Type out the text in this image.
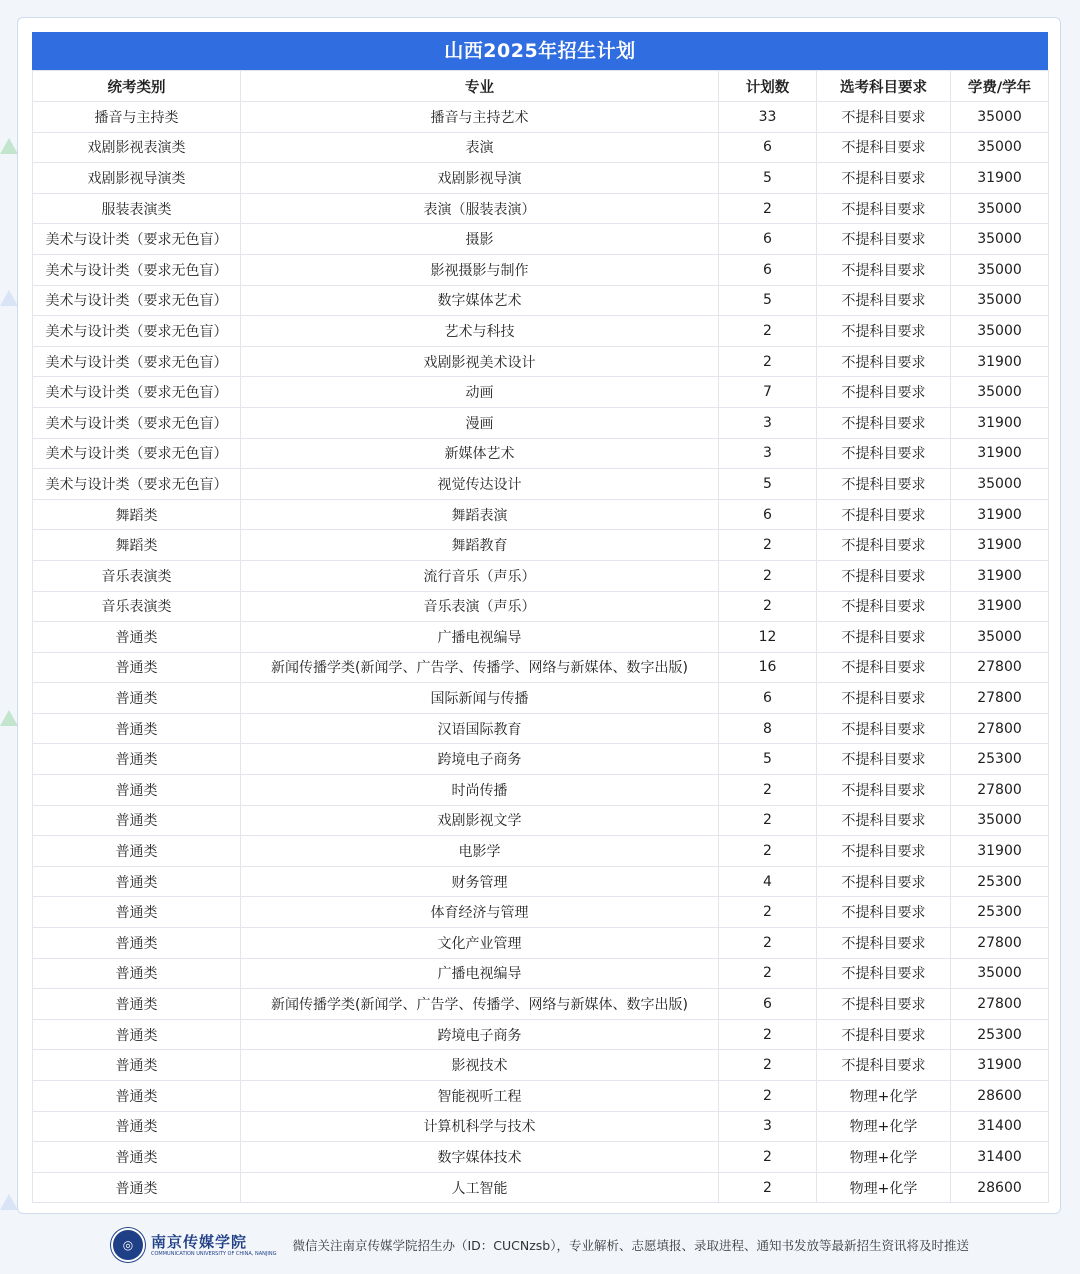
山西2025年招生计划
统考类别	专业	计划数	选考科目要求	学费/学年
播音与主持类	播音与主持艺术	33	不提科目要求	35000
戏剧影视表演类	表演	6	不提科目要求	35000
戏剧影视导演类	戏剧影视导演	5	不提科目要求	31900
服装表演类	表演（服装表演）	2	不提科目要求	35000
美术与设计类（要求无色盲）	摄影	6	不提科目要求	35000
美术与设计类（要求无色盲）	影视摄影与制作	6	不提科目要求	35000
美术与设计类（要求无色盲）	数字媒体艺术	5	不提科目要求	35000
美术与设计类（要求无色盲）	艺术与科技	2	不提科目要求	35000
美术与设计类（要求无色盲）	戏剧影视美术设计	2	不提科目要求	31900
美术与设计类（要求无色盲）	动画	7	不提科目要求	35000
美术与设计类（要求无色盲）	漫画	3	不提科目要求	31900
美术与设计类（要求无色盲）	新媒体艺术	3	不提科目要求	31900
美术与设计类（要求无色盲）	视觉传达设计	5	不提科目要求	35000
舞蹈类	舞蹈表演	6	不提科目要求	31900
舞蹈类	舞蹈教育	2	不提科目要求	31900
音乐表演类	流行音乐（声乐）	2	不提科目要求	31900
音乐表演类	音乐表演（声乐）	2	不提科目要求	31900
普通类	广播电视编导	12	不提科目要求	35000
普通类	新闻传播学类(新闻学、广告学、传播学、网络与新媒体、数字出版)	16	不提科目要求	27800
普通类	国际新闻与传播	6	不提科目要求	27800
普通类	汉语国际教育	8	不提科目要求	27800
普通类	跨境电子商务	5	不提科目要求	25300
普通类	时尚传播	2	不提科目要求	27800
普通类	戏剧影视文学	2	不提科目要求	35000
普通类	电影学	2	不提科目要求	31900
普通类	财务管理	4	不提科目要求	25300
普通类	体育经济与管理	2	不提科目要求	25300
普通类	文化产业管理	2	不提科目要求	27800
普通类	广播电视编导	2	不提科目要求	35000
普通类	新闻传播学类(新闻学、广告学、传播学、网络与新媒体、数字出版)	6	不提科目要求	27800
普通类	跨境电子商务	2	不提科目要求	25300
普通类	影视技术	2	不提科目要求	31900
普通类	智能视听工程	2	物理+化学	28600
普通类	计算机科学与技术	3	物理+化学	31400
普通类	数字媒体技术	2	物理+化学	31400
普通类	人工智能	2	物理+化学	28600
◎	南京传媒学院
COMMUNICATION UNIVERSITY OF CHINA, NANJING
微信关注南京传媒学院招生办（ID：CUCNzsb），专业解析、志愿填报、录取进程、通知书发放等最新招生资讯将及时推送
